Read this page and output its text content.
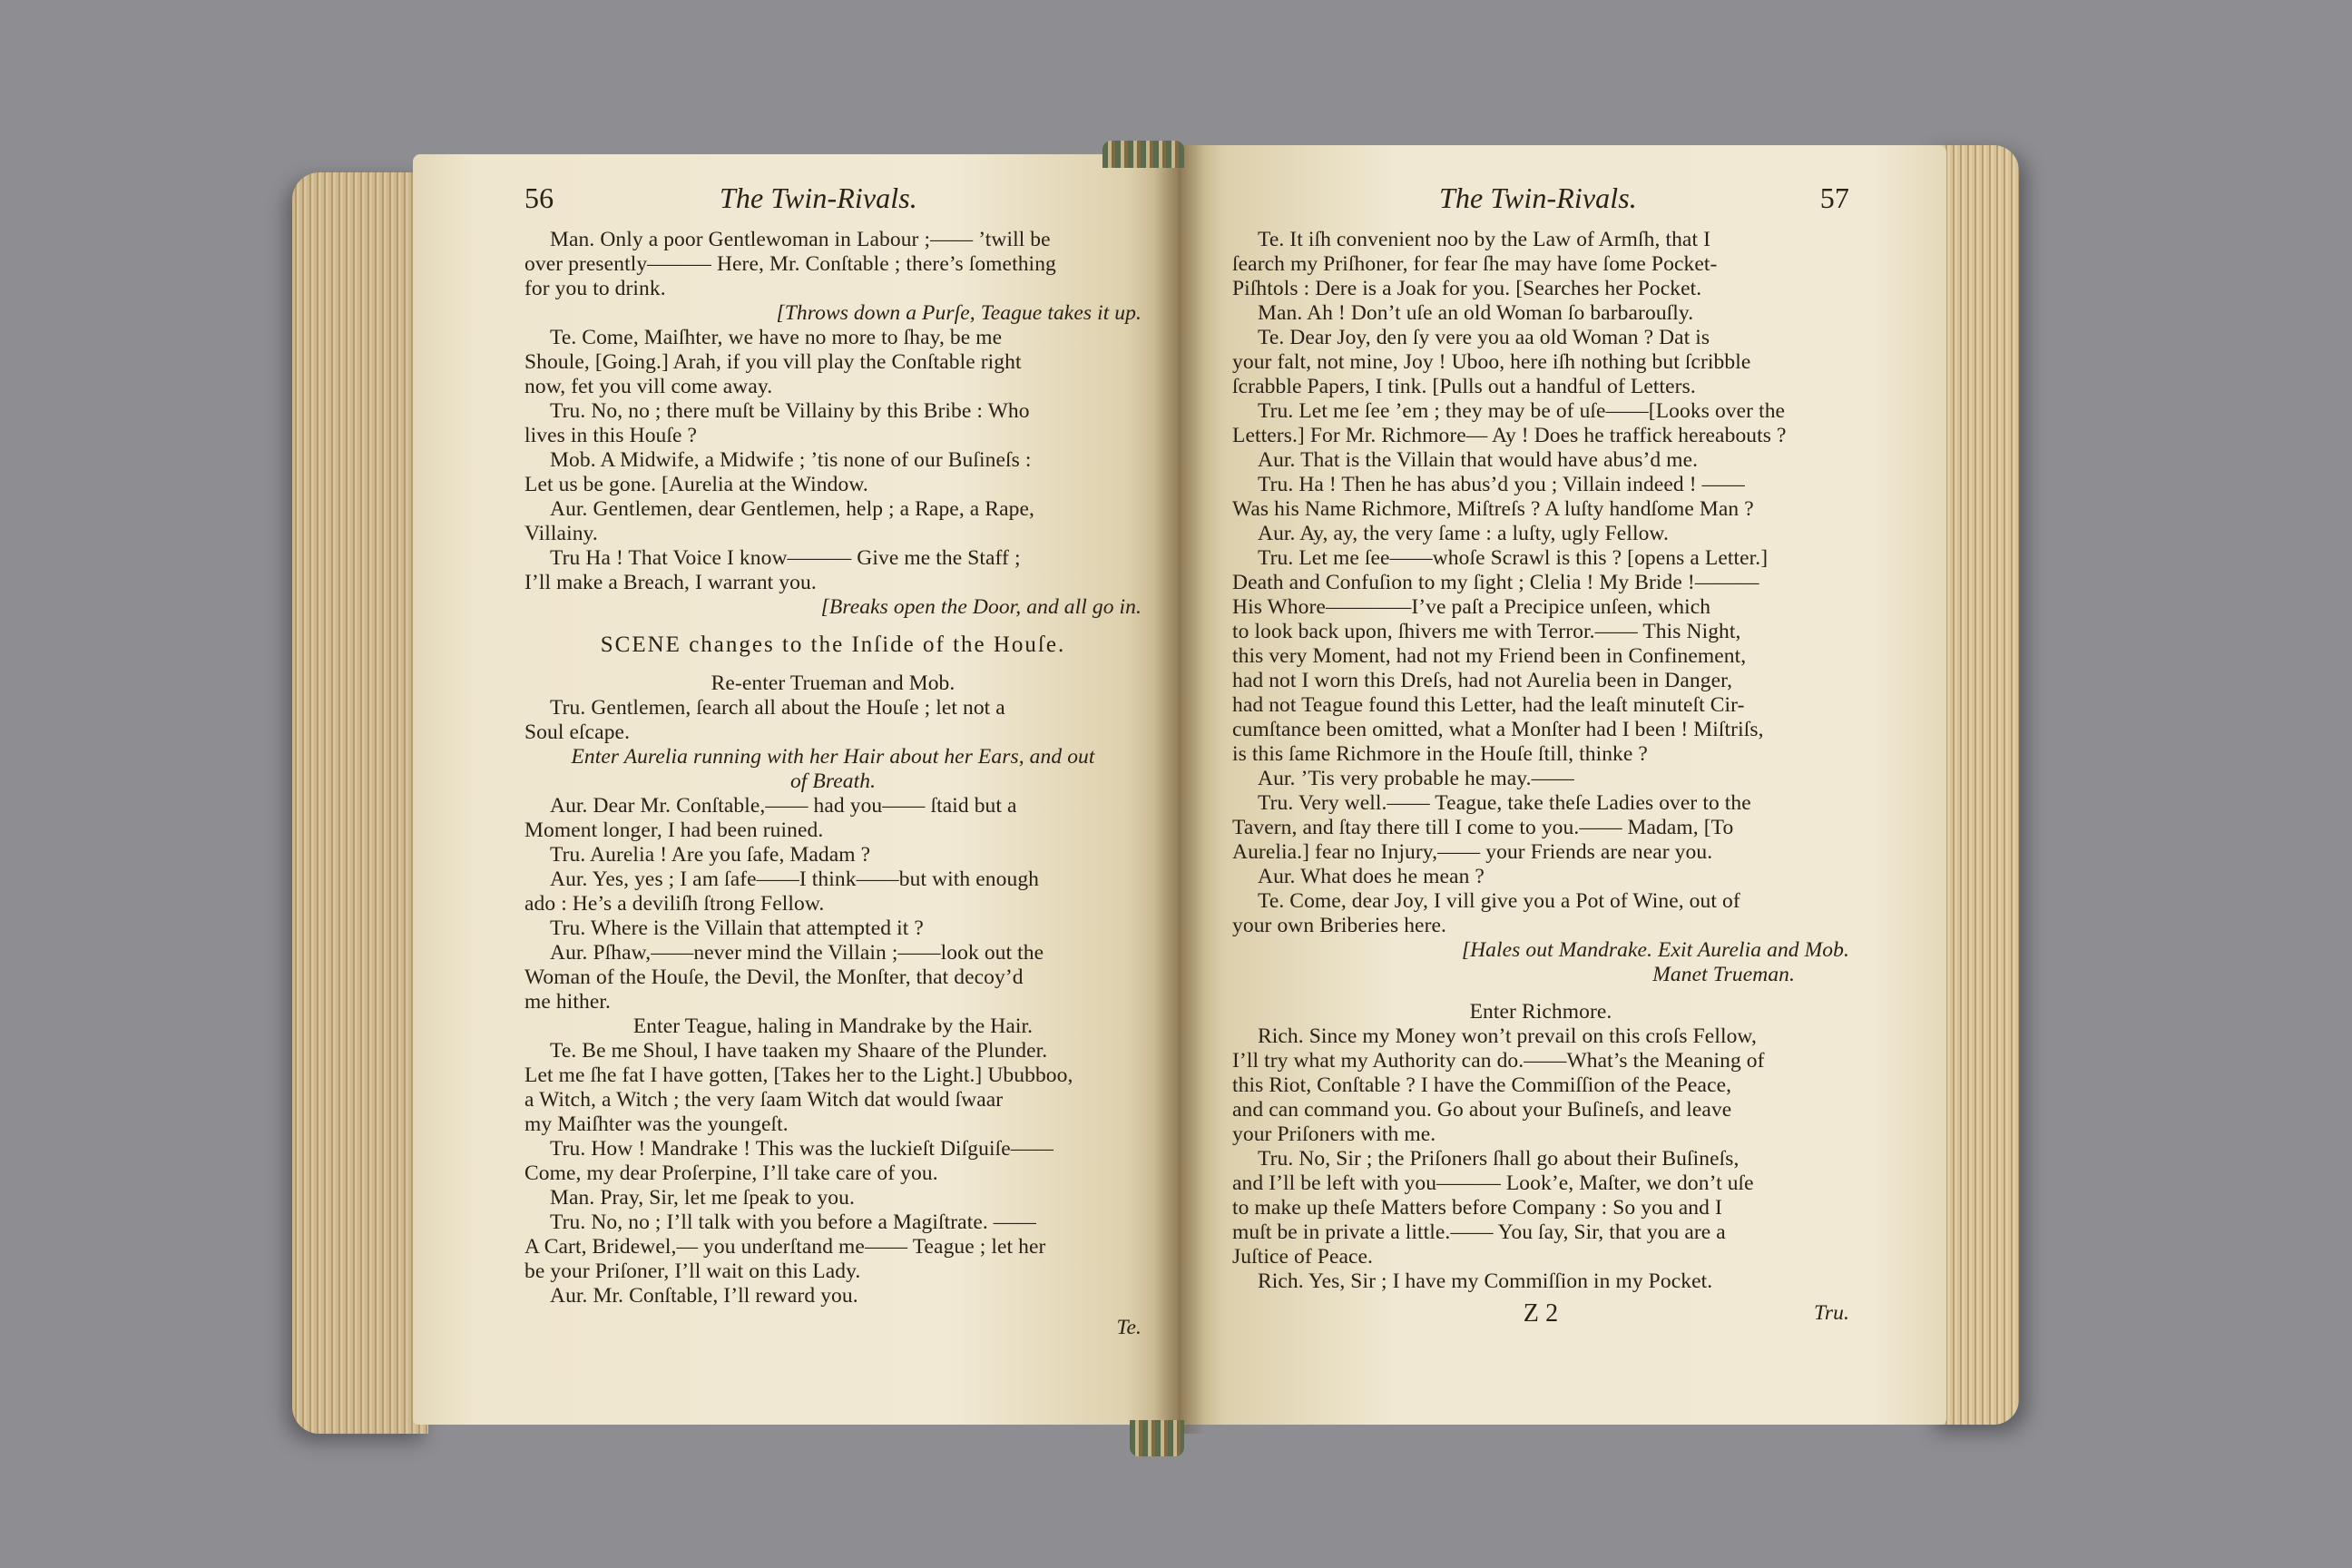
56	The Twin-Rivals.
Man. Only a poor Gentlewoman in Labour ;—— ’twill be
over presently——— Here, Mr. Conſtable ; there’s ſomething
for you to drink.
[Throws down a Purſe, Teague takes it up.
Te. Come, Maiſhter, we have no more to ſhay, be me
Shoule, [Going.] Arah, if you vill play the Conſtable right
now, fet you vill come away.
Tru. No, no ; there muſt be Villainy by this Bribe : Who
lives in this Houſe ?
Mob. A Midwife, a Midwife ; ’tis none of our Buſineſs :
Let us be gone. [Aurelia at the Window.
Aur. Gentlemen, dear Gentlemen, help ; a Rape, a Rape,
Villainy.
Tru Ha ! That Voice I know——— Give me the Staff ;
I’ll make a Breach, I warrant you.
[Breaks open the Door, and all go in.
SCENE changes to the Inſide of the Houſe.
Re-enter Trueman and Mob.
Tru. Gentlemen, ſearch all about the Houſe ; let not a
Soul eſcape.
Enter Aurelia running with her Hair about her Ears, and out
of Breath.
Aur. Dear Mr. Conſtable,—— had you—— ſtaid but a
Moment longer, I had been ruined.
Tru. Aurelia ! Are you ſafe, Madam ?
Aur. Yes, yes ; I am ſafe——I think——but with enough
ado : He’s a deviliſh ſtrong Fellow.
Tru. Where is the Villain that attempted it ?
Aur. Pſhaw,——never mind the Villain ;——look out the
Woman of the Houſe, the Devil, the Monſter, that decoy’d
me hither.
Enter Teague, haling in Mandrake by the Hair.
Te. Be me Shoul, I have taaken my Shaare of the Plunder.
Let me ſhe fat I have gotten, [Takes her to the Light.] Ububboo,
a Witch, a Witch ; the very ſaam Witch dat would ſwaar
my Maiſhter was the youngeſt.
Tru. How ! Mandrake ! This was the luckieſt Diſguiſe——
Come, my dear Proſerpine, I’ll take care of you.
Man. Pray, Sir, let me ſpeak to you.
Tru. No, no ; I’ll talk with you before a Magiſtrate. ——
A Cart, Bridewel,— you underſtand me—— Teague ; let her
be your Priſoner, I’ll wait on this Lady.
Aur. Mr. Conſtable, I’ll reward you.
Te.
The Twin-Rivals.	57
Te. It iſh convenient noo by the Law of Armſh, that I
ſearch my Priſhoner, for fear ſhe may have ſome Pocket-
Piſhtols : Dere is a Joak for you. [Searches her Pocket.
Man. Ah ! Don’t uſe an old Woman ſo barbarouſly.
Te. Dear Joy, den ſy vere you aa old Woman ? Dat is
your falt, not mine, Joy ! Uboo, here iſh nothing but ſcribble
ſcrabble Papers, I tink. [Pulls out a handful of Letters.
Tru. Let me ſee ’em ; they may be of uſe——[Looks over the
Letters.] For Mr. Richmore— Ay ! Does he traffick hereabouts ?
Aur. That is the Villain that would have abus’d me.
Tru. Ha ! Then he has abus’d you ; Villain indeed ! ——
Was his Name Richmore, Miſtreſs ? A luſty handſome Man ?
Aur. Ay, ay, the very ſame : a luſty, ugly Fellow.
Tru. Let me ſee——whoſe Scrawl is this ? [opens a Letter.]
Death and Confuſion to my ſight ; Clelia ! My Bride !———
His Whore————I’ve paſt a Precipice unſeen, which
to look back upon, ſhivers me with Terror.—— This Night,
this very Moment, had not my Friend been in Confinement,
had not I worn this Dreſs, had not Aurelia been in Danger,
had not Teague found this Letter, had the leaſt minuteſt Cir-
cumſtance been omitted, what a Monſter had I been ! Miſtriſs,
is this ſame Richmore in the Houſe ſtill, thinke ?
Aur. ’Tis very probable he may.——
Tru. Very well.—— Teague, take theſe Ladies over to the
Tavern, and ſtay there till I come to you.—— Madam, [To
Aurelia.] fear no Injury,—— your Friends are near you.
Aur. What does he mean ?
Te. Come, dear Joy, I vill give you a Pot of Wine, out of
your own Briberies here.
[Hales out Mandrake. Exit Aurelia and Mob.
Manet Trueman.
Enter Richmore.
Rich. Since my Money won’t prevail on this croſs Fellow,
I’ll try what my Authority can do.——What’s the Meaning of
this Riot, Conſtable ? I have the Commiſſion of the Peace,
and can command you. Go about your Buſineſs, and leave
your Priſoners with me.
Tru. No, Sir ; the Priſoners ſhall go about their Buſineſs,
and I’ll be left with you——— Look’e, Maſter, we don’t uſe
to make up theſe Matters before Company : So you and I
muſt be in private a little.—— You ſay, Sir, that you are a
Juſtice of Peace.
Rich. Yes, Sir ; I have my Commiſſion in my Pocket.
Z 2	Tru.
